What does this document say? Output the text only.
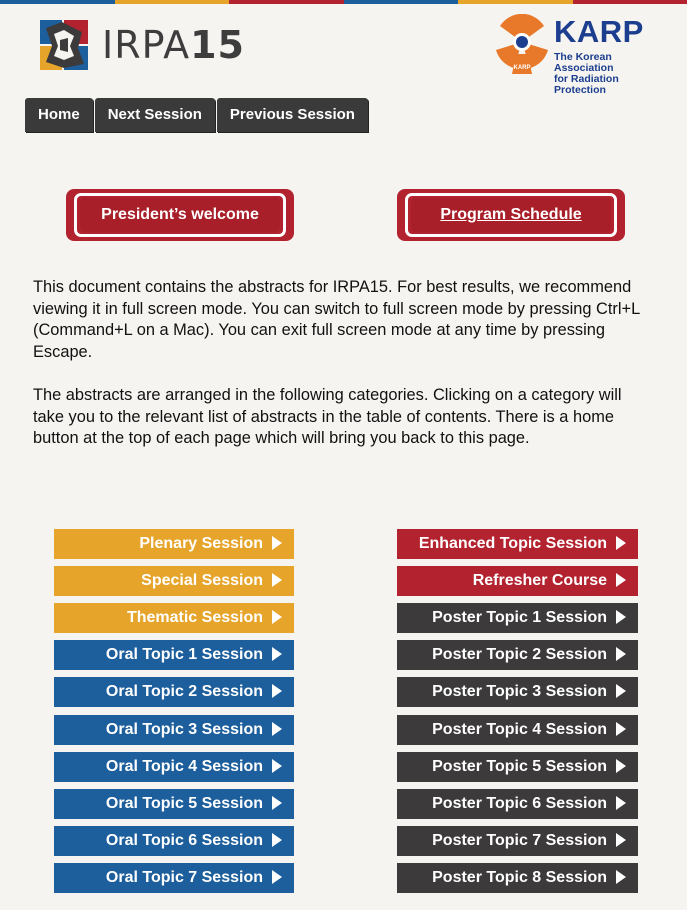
IRPA15
KARP
KARP
The Korean Association
for Radiation Protection
Home	Next Session	Previous Session
President’s welcome	Program Schedule

This document contains the abstracts for IRPA15. For best results, we recommend viewing it in full screen mode. You can switch to full screen mode by pressing Ctrl+L (Command+L on a Mac). You can exit full screen mode at any time by pressing Escape.

The abstracts are arranged in the following categories. Clicking on a category will take you to the relevant list of abstracts in the table of contents. There is a home button at the top of each page which will bring you back to this page.

Plenary Session
Special Session
Thematic Session
Oral Topic 1 Session
Oral Topic 2 Session
Oral Topic 3 Session
Oral Topic 4 Session
Oral Topic 5 Session
Oral Topic 6 Session
Oral Topic 7 Session
Enhanced Topic Session
Refresher Course
Poster Topic 1 Session
Poster Topic 2 Session
Poster Topic 3 Session
Poster Topic 4 Session
Poster Topic 5 Session
Poster Topic 6 Session
Poster Topic 7 Session
Poster Topic 8 Session
